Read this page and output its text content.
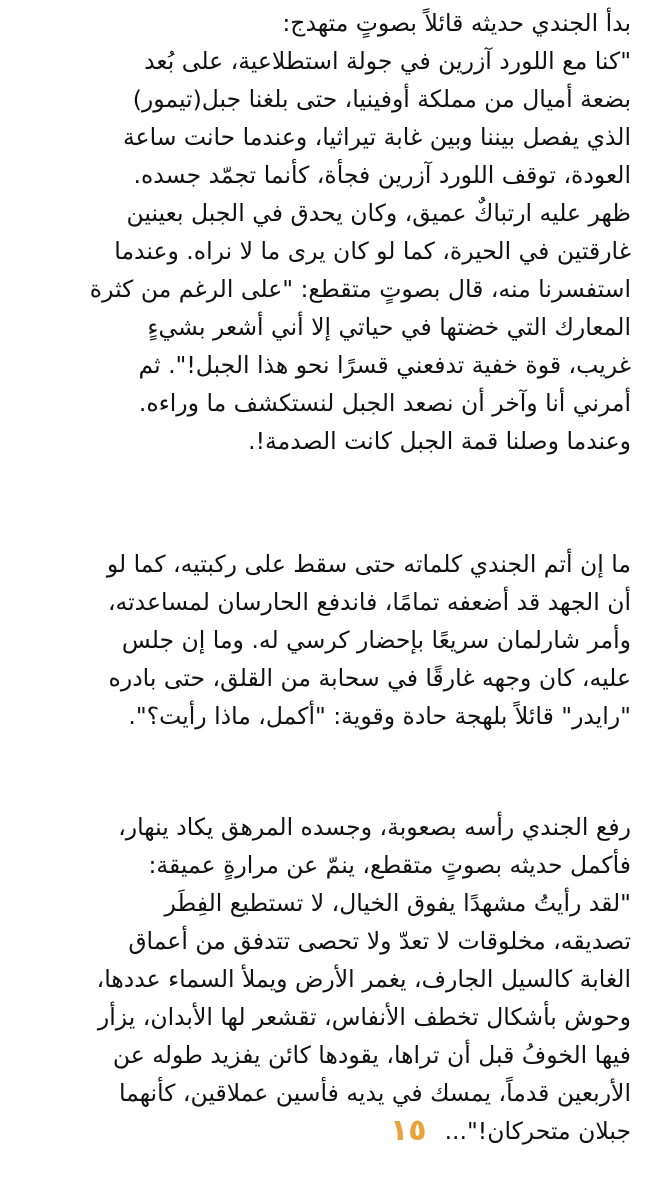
بدأ الجندي حديثه قائلاً بصوتٍ متهدج:
"كنا مع اللورد آزرين في جولة استطلاعية، على بُعد
بضعة أميال من مملكة أوفينيا، حتى بلغنا جبل(تيمور)
الذي يفصل بيننا وبين غابة تيراثيا، وعندما حانت ساعة
العودة، توقف اللورد آزرين فجأة، كأنما تجمّد جسده.
ظهر عليه ارتباكٌ عميق، وكان يحدق في الجبل بعينين
غارقتين في الحيرة، كما لو كان يرى ما لا نراه. وعندما
استفسرنا منه، قال بصوتٍ متقطع: "على الرغم من كثرة
المعارك التي خضتها في حياتي إلا أني أشعر بشيءٍ
غريب، قوة خفية تدفعني قسرًا نحو هذا الجبل!". ثم
أمرني أنا وآخر أن نصعد الجبل لنستكشف ما وراءه.
وعندما وصلنا قمة الجبل كانت الصدمة!.
ما إن أتم الجندي كلماته حتى سقط على ركبتيه، كما لو
أن الجهد قد أضعفه تمامًا، فاندفع الحارسان لمساعدته،
وأمر شارلمان سريعًا بإحضار كرسي له. وما إن جلس
عليه، كان وجهه غارقًا في سحابة من القلق، حتى بادره
"رايدر" قائلاً بلهجة حادة وقوية: "أكمل، ماذا رأيت؟".
رفع الجندي رأسه بصعوبة، وجسده المرهق يكاد ينهار،
فأكمل حديثه بصوتٍ متقطع، ينمّ عن مرارةٍ عميقة:
"لقد رأيتُ مشهدًا يفوق الخيال، لا تستطيع الفِطَر
تصديقه، مخلوقات لا تعدّ ولا تحصى تتدفق من أعماق
الغابة كالسيل الجارف، يغمر الأرض ويملأ السماء عددها،
وحوش بأشكال تخطف الأنفاس، تقشعر لها الأبدان، يزأر
فيها الخوفُ قبل أن تراها، يقودها كائن يفزيد طوله عن
الأربعين قدماً، يمسك في يديه فأسين عملاقين، كأنهما
جبلان متحركان!"...
١٥
